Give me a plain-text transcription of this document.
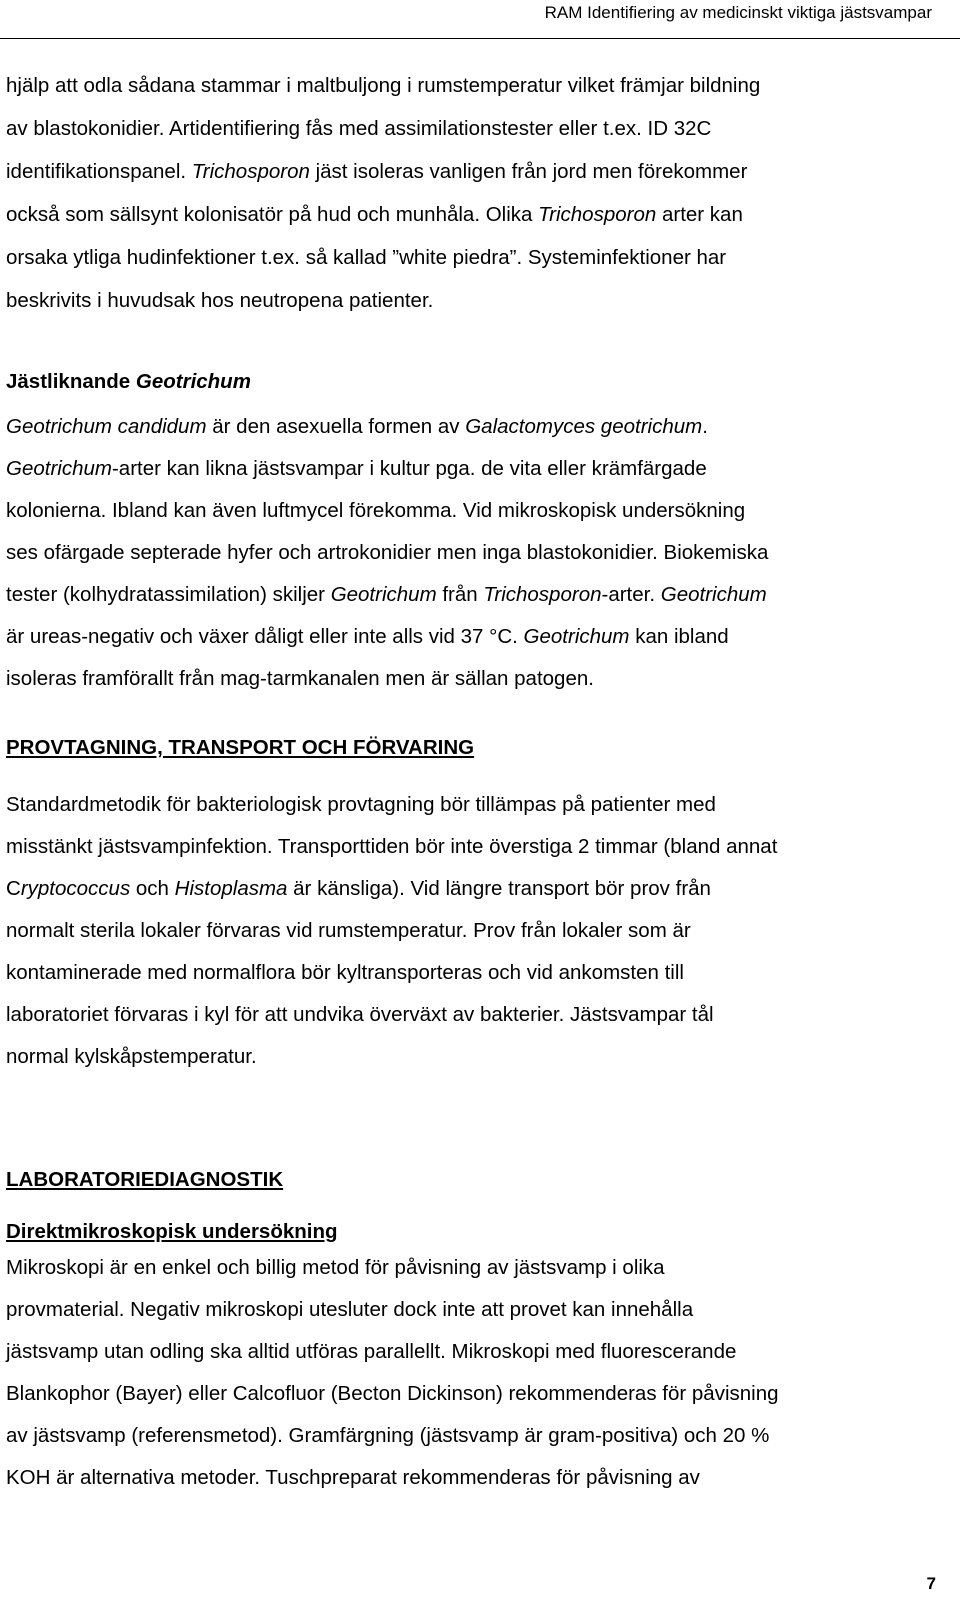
RAM Identifiering av medicinskt viktiga jästsvampar
hjälp att odla sådana stammar i maltbuljong i rumstemperatur vilket främjar bildning
av blastokonidier. Artidentifiering fås med assimilationstester eller t.ex. ID 32C
identifikationspanel. Trichosporon jäst isoleras vanligen från jord men förekommer
också som sällsynt kolonisatör på hud och munhåla. Olika Trichosporon arter kan
orsaka ytliga hudinfektioner t.ex. så kallad ”white piedra”. Systeminfektioner har
beskrivits i huvudsak hos neutropena patienter.

Jästliknande Geotrichum

Geotrichum candidum är den asexuella formen av Galactomyces geotrichum.
Geotrichum-arter kan likna jästsvampar i kultur pga. de vita eller krämfärgade
kolonierna. Ibland kan även luftmycel förekomma. Vid mikroskopisk undersökning
ses ofärgade septerade hyfer och artrokonidier men inga blastokonidier. Biokemiska
tester (kolhydratassimilation) skiljer Geotrichum från Trichosporon-arter. Geotrichum
är ureas-negativ och växer dåligt eller inte alls vid 37 °C. Geotrichum kan ibland
isoleras framförallt från mag-tarmkanalen men är sällan patogen.

PROVTAGNING, TRANSPORT OCH FÖRVARING

Standardmetodik för bakteriologisk provtagning bör tillämpas på patienter med
misstänkt jästsvampinfektion. Transporttiden bör inte överstiga 2 timmar (bland annat
Cryptococcus och Histoplasma är känsliga). Vid längre transport bör prov från
normalt sterila lokaler förvaras vid rumstemperatur. Prov från lokaler som är
kontaminerade med normalflora bör kyltransporteras och vid ankomsten till
laboratoriet förvaras i kyl för att undvika överväxt av bakterier. Jästsvampar tål
normal kylskåpstemperatur.

LABORATORIEDIAGNOSTIK

Direktmikroskopisk undersökning

Mikroskopi är en enkel och billig metod för påvisning av jästsvamp i olika
provmaterial. Negativ mikroskopi utesluter dock inte att provet kan innehålla
jästsvamp utan odling ska alltid utföras parallellt. Mikroskopi med fluorescerande
Blankophor (Bayer) eller Calcofluor (Becton Dickinson) rekommenderas för påvisning
av jästsvamp (referensmetod). Gramfärgning (jästsvamp är gram-positiva) och 20 %
KOH är alternativa metoder. Tuschpreparat rekommenderas för påvisning av
7
